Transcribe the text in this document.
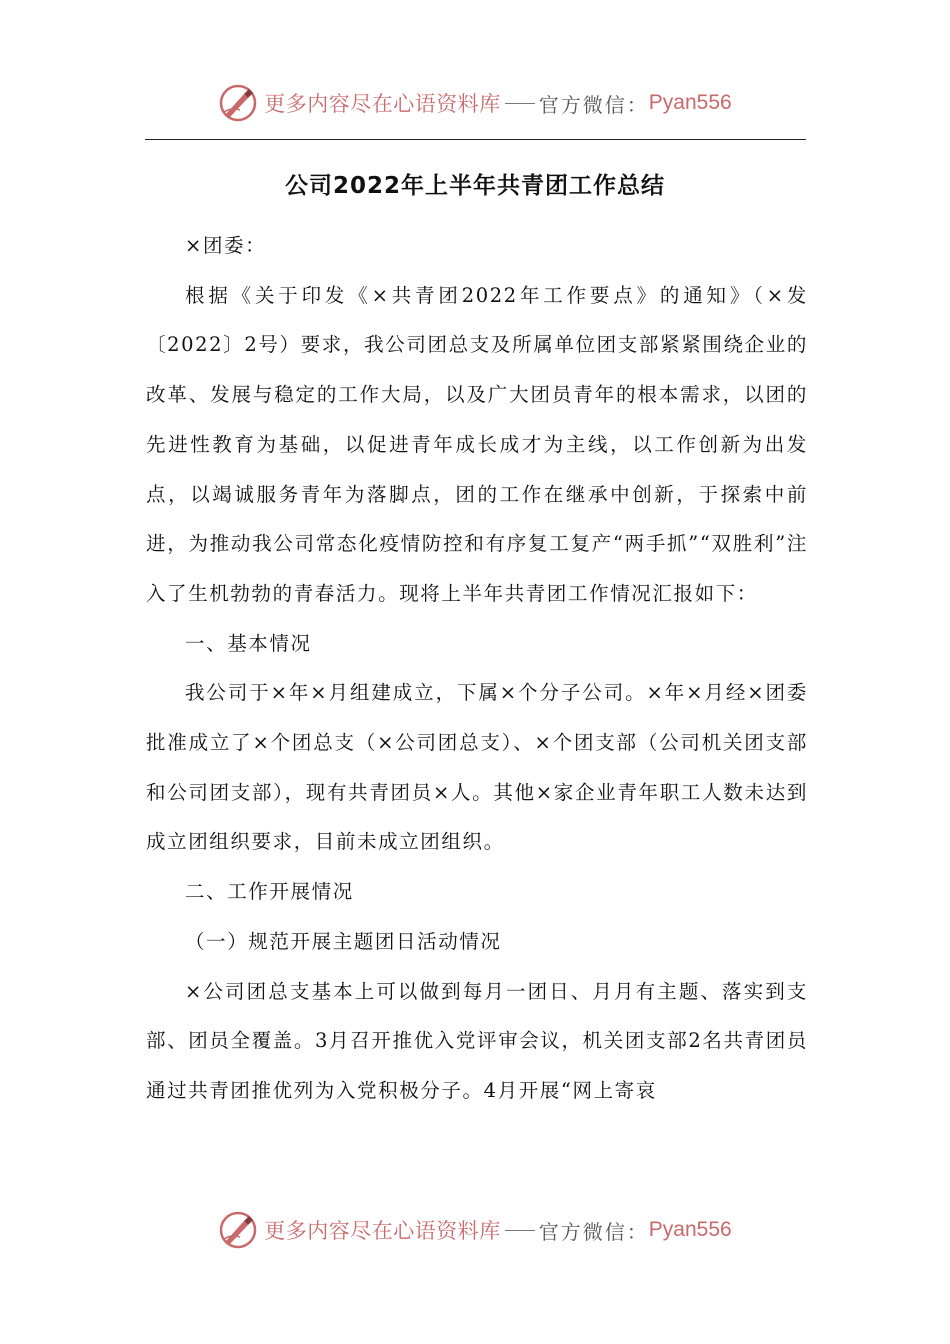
更多内容尽在心语资料库 官方微信： Pyan556
公司2022年上半年共青团工作总结

×团委：

根据《关于印发《×共青团2022年工作要点》的通知》（×发〔2022〕2号）要求，我公司团总支及所属单位团支部紧紧围绕企业的改革、发展与稳定的工作大局，以及广大团员青年的根本需求，以团的先进性教育为基础，以促进青年成长成才为主线，以工作创新为出发点，以竭诚服务青年为落脚点，团的工作在继承中创新，于探索中前进，为推动我公司常态化疫情防控和有序复工复产“两手抓”“双胜利”注入了生机勃勃的青春活力。现将上半年共青团工作情况汇报如下：

一、基本情况

我公司于×年×月组建成立，下属×个分子公司。×年×月经×团委批准成立了×个团总支（×公司团总支）、×个团支部（公司机关团支部和公司团支部），现有共青团员×人。其他×家企业青年职工人数未达到成立团组织要求，目前未成立团组织。

二、工作开展情况

（一）规范开展主题团日活动情况

×公司团总支基本上可以做到每月一团日、月月有主题、落实到支部、团员全覆盖。3月召开推优入党评审会议，机关团支部2名共青团员通过共青团推优列为入党积极分子。4月开展“网上寄哀

更多内容尽在心语资料库 官方微信： Pyan556
